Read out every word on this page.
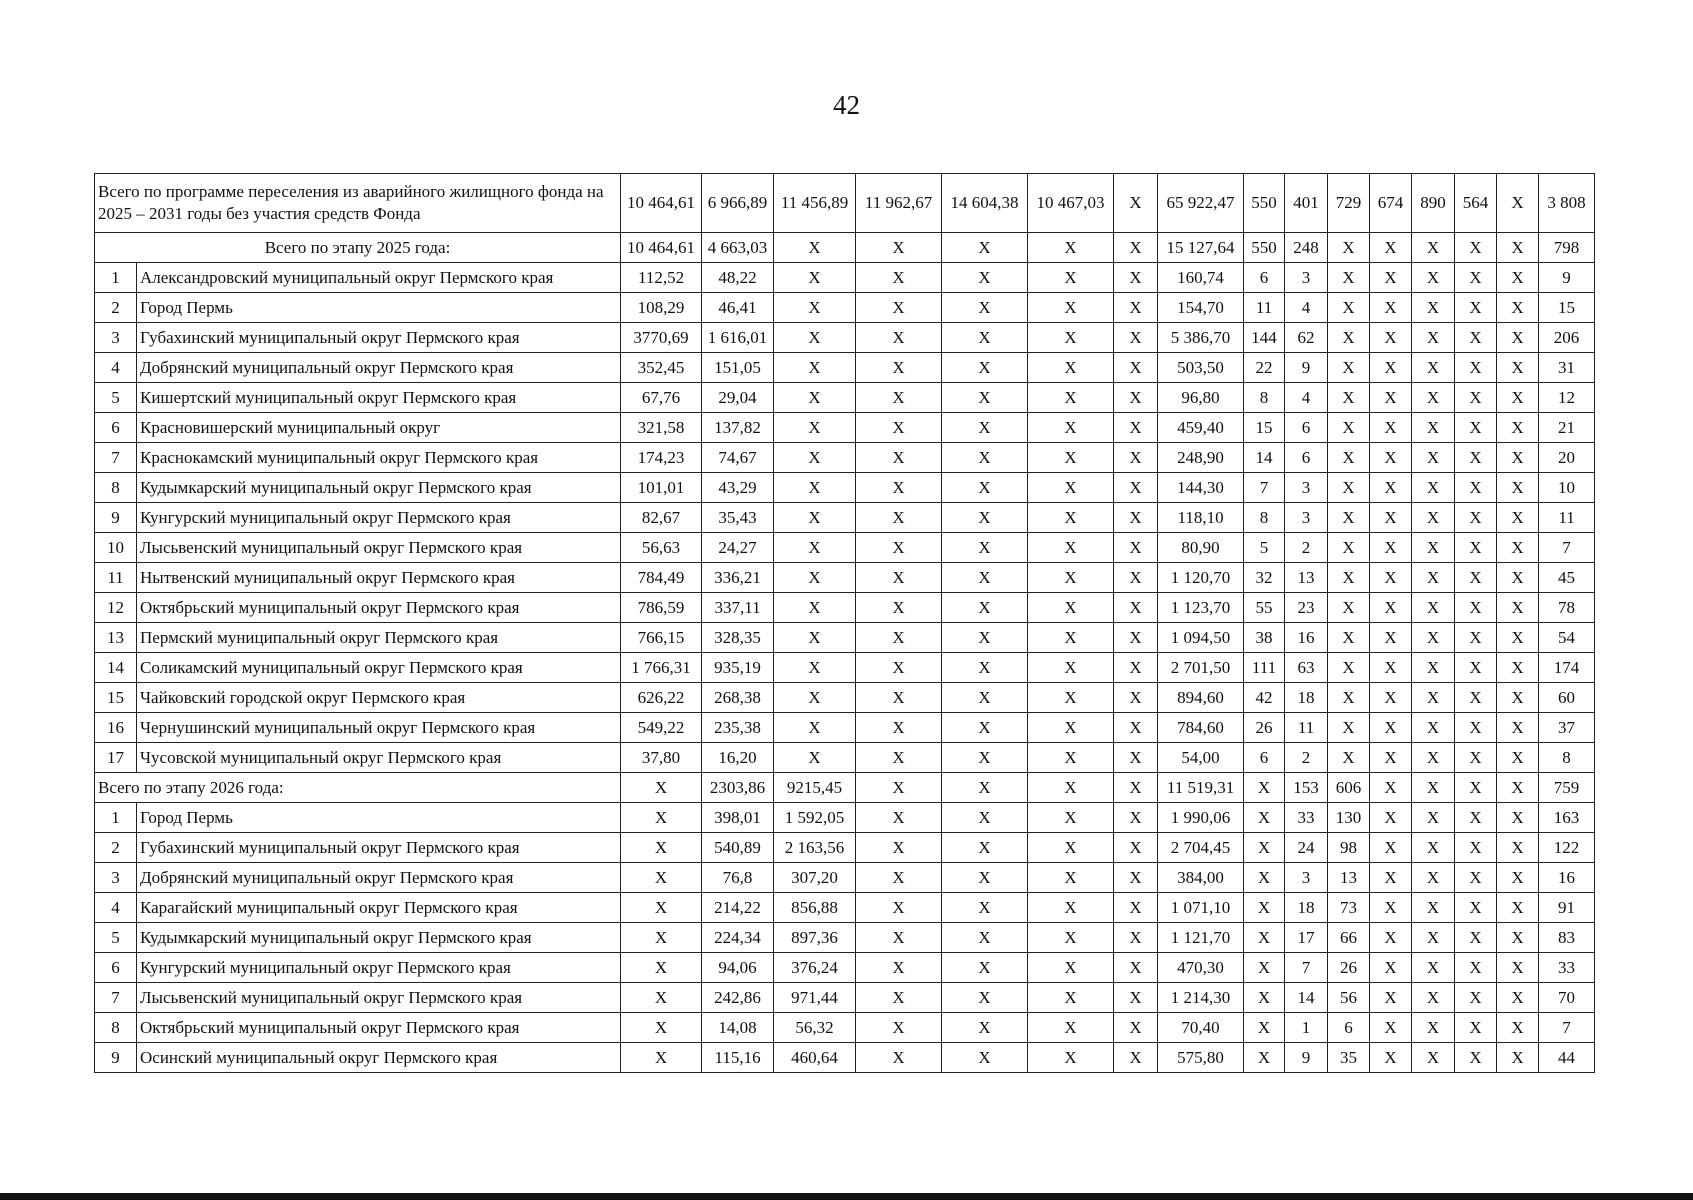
42
Всего по программе переселения из аварийного жилищного фонда на 2025 – 2031 годы без участия средств Фонда		10 464,61	6 966,89	11 456,89	11 962,67	14 604,38	10 467,03	X	65 922,47	550	401	729	674	890	564	X	3 808
Всего по этапу 2025 года:		10 464,61	4 663,03	X	X	X	X	X	15 127,64	550	248	X	X	X	X	X	798
1	Александровский муниципальный округ Пермского края	112,52	48,22	X	X	X	X	X	160,74	6	3	X	X	X	X	X	9
2	Город Пермь	108,29	46,41	X	X	X	X	X	154,70	11	4	X	X	X	X	X	15
3	Губахинский муниципальный округ Пермского края	3770,69	1 616,01	X	X	X	X	X	5 386,70	144	62	X	X	X	X	X	206
4	Добрянский муниципальный округ Пермского края	352,45	151,05	X	X	X	X	X	503,50	22	9	X	X	X	X	X	31
5	Кишертский муниципальный округ Пермского края	67,76	29,04	X	X	X	X	X	96,80	8	4	X	X	X	X	X	12
6	Красновишерский муниципальный округ	321,58	137,82	X	X	X	X	X	459,40	15	6	X	X	X	X	X	21
7	Краснокамский муниципальный округ Пермского края	174,23	74,67	X	X	X	X	X	248,90	14	6	X	X	X	X	X	20
8	Кудымкарский муниципальный округ Пермского края	101,01	43,29	X	X	X	X	X	144,30	7	3	X	X	X	X	X	10
9	Кунгурский муниципальный округ Пермского края	82,67	35,43	X	X	X	X	X	118,10	8	3	X	X	X	X	X	11
10	Лысьвенский муниципальный округ Пермского края	56,63	24,27	X	X	X	X	X	80,90	5	2	X	X	X	X	X	7
11	Нытвенский муниципальный округ Пермского края	784,49	336,21	X	X	X	X	X	1 120,70	32	13	X	X	X	X	X	45
12	Октябрьский муниципальный округ Пермского края	786,59	337,11	X	X	X	X	X	1 123,70	55	23	X	X	X	X	X	78
13	Пермский муниципальный округ Пермского края	766,15	328,35	X	X	X	X	X	1 094,50	38	16	X	X	X	X	X	54
14	Соликамский муниципальный округ Пермского края	1 766,31	935,19	X	X	X	X	X	2 701,50	111	63	X	X	X	X	X	174
15	Чайковский городской округ Пермского края	626,22	268,38	X	X	X	X	X	894,60	42	18	X	X	X	X	X	60
16	Чернушинский муниципальный округ Пермского края	549,22	235,38	X	X	X	X	X	784,60	26	11	X	X	X	X	X	37
17	Чусовской муниципальный округ Пермского края	37,80	16,20	X	X	X	X	X	54,00	6	2	X	X	X	X	X	8
Всего по этапу 2026 года:		X	2303,86	9215,45	X	X	X	X	11 519,31	X	153	606	X	X	X	X	759
1	Город Пермь	X	398,01	1 592,05	X	X	X	X	1 990,06	X	33	130	X	X	X	X	163
2	Губахинский муниципальный округ Пермского края	X	540,89	2 163,56	X	X	X	X	2 704,45	X	24	98	X	X	X	X	122
3	Добрянский муниципальный округ Пермского края	X	76,8	307,20	X	X	X	X	384,00	X	3	13	X	X	X	X	16
4	Карагайский муниципальный округ Пермского края	X	214,22	856,88	X	X	X	X	1 071,10	X	18	73	X	X	X	X	91
5	Кудымкарский муниципальный округ Пермского края	X	224,34	897,36	X	X	X	X	1 121,70	X	17	66	X	X	X	X	83
6	Кунгурский муниципальный округ Пермского края	X	94,06	376,24	X	X	X	X	470,30	X	7	26	X	X	X	X	33
7	Лысьвенский муниципальный округ Пермского края	X	242,86	971,44	X	X	X	X	1 214,30	X	14	56	X	X	X	X	70
8	Октябрьский муниципальный округ Пермского края	X	14,08	56,32	X	X	X	X	70,40	X	1	6	X	X	X	X	7
9	Осинский муниципальный округ Пермского края	X	115,16	460,64	X	X	X	X	575,80	X	9	35	X	X	X	X	44
